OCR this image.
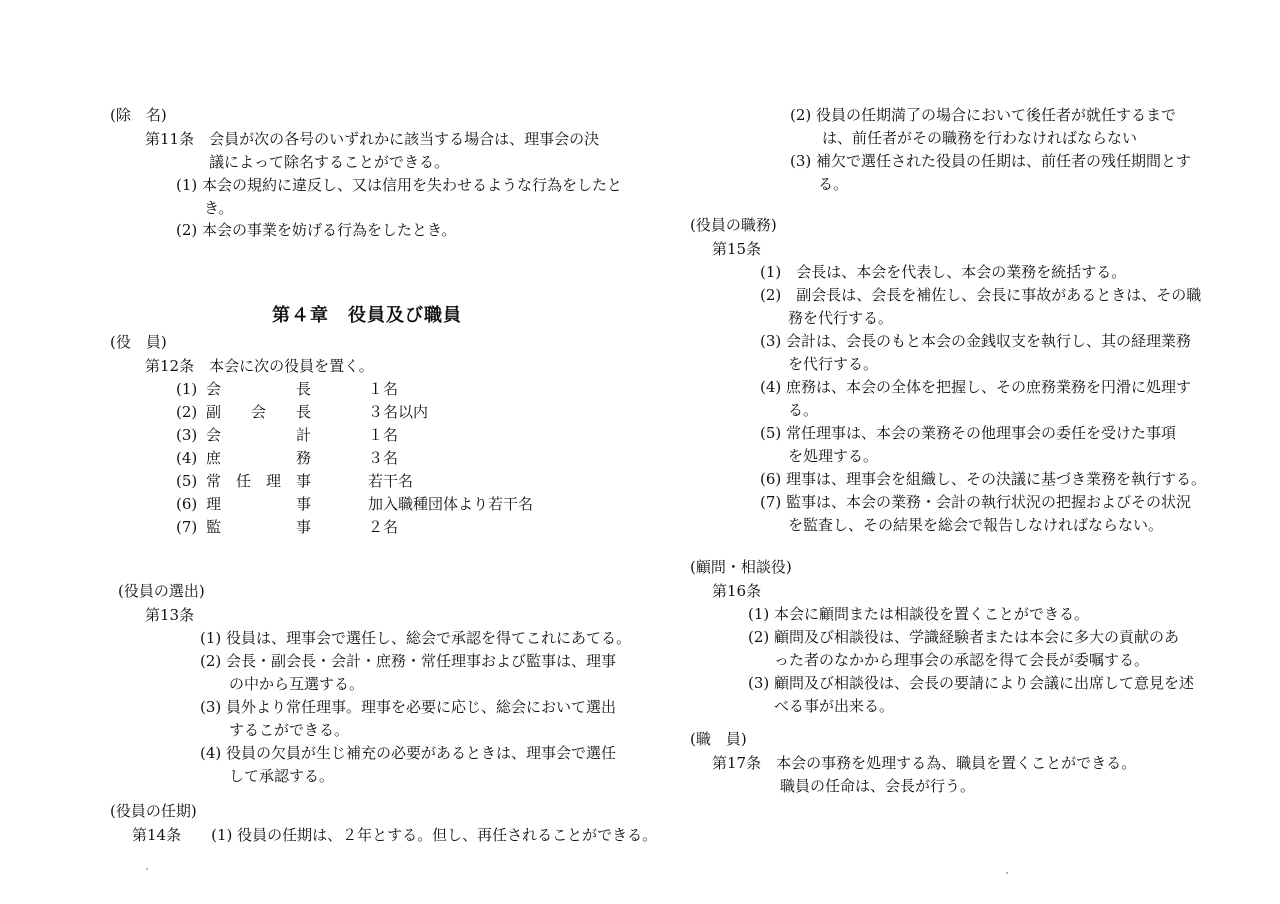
(除　名)
第11条　会員が次の各号のいずれかに該当する場合は、理事会の決
議によって除名することができる。
(1) 本会の規約に違反し、又は信用を失わせるような行為をしたと
き。
(2) 本会の事業を妨げる行為をしたとき。
第４章　役員及び職員
(役　員)
第12条　本会に次の役員を置く。
(1) 会　　　　　長	１名
(2) 副　　会　　長	３名以内
(3) 会　　　　　計	１名
(4) 庶　　　　　務	３名
(5) 常　任　理　事	若干名
(6) 理　　　　　事	加入職種団体より若干名
(7) 監　　　　　事	２名
(役員の選出)
第13条
(1) 役員は、理事会で選任し、総会で承認を得てこれにあてる。
(2) 会長・副会長・会計・庶務・常任理事および監事は、理事
の中から互選する。
(3) 員外より常任理事。理事を必要に応じ、総会において選出
するこができる。
(4) 役員の欠員が生じ補充の必要があるときは、理事会で選任
して承認する。
(役員の任期)
第14条　　(1) 役員の任期は、２年とする。但し、再任されることができる。
(2) 役員の任期満了の場合において後任者が就任するまで
は、前任者がその職務を行わなければならない
(3) 補欠で選任された役員の任期は、前任者の残任期間とす
る。
(役員の職務)
第15条
(1)　会長は、本会を代表し、本会の業務を統括する。
(2)　副会長は、会長を補佐し、会長に事故があるときは、その職
務を代行する。
(3) 会計は、会長のもと本会の金銭収支を執行し、其の経理業務
を代行する。
(4) 庶務は、本会の全体を把握し、その庶務業務を円滑に処理す
る。
(5) 常任理事は、本会の業務その他理事会の委任を受けた事項
を処理する。
(6) 理事は、理事会を組織し、その決議に基づき業務を執行する。
(7) 監事は、本会の業務・会計の執行状況の把握およびその状況
を監査し、その結果を総会で報告しなければならない。
(顧問・相談役)
第16条
(1) 本会に顧問または相談役を置くことができる。
(2) 顧問及び相談役は、学識経験者または本会に多大の貢献のあ
った者のなかから理事会の承認を得て会長が委嘱する。
(3) 顧問及び相談役は、会長の要請により会議に出席して意見を述
べる事が出来る。
(職　員)
第17条　本会の事務を処理する為、職員を置くことができる。
職員の任命は、会長が行う。
